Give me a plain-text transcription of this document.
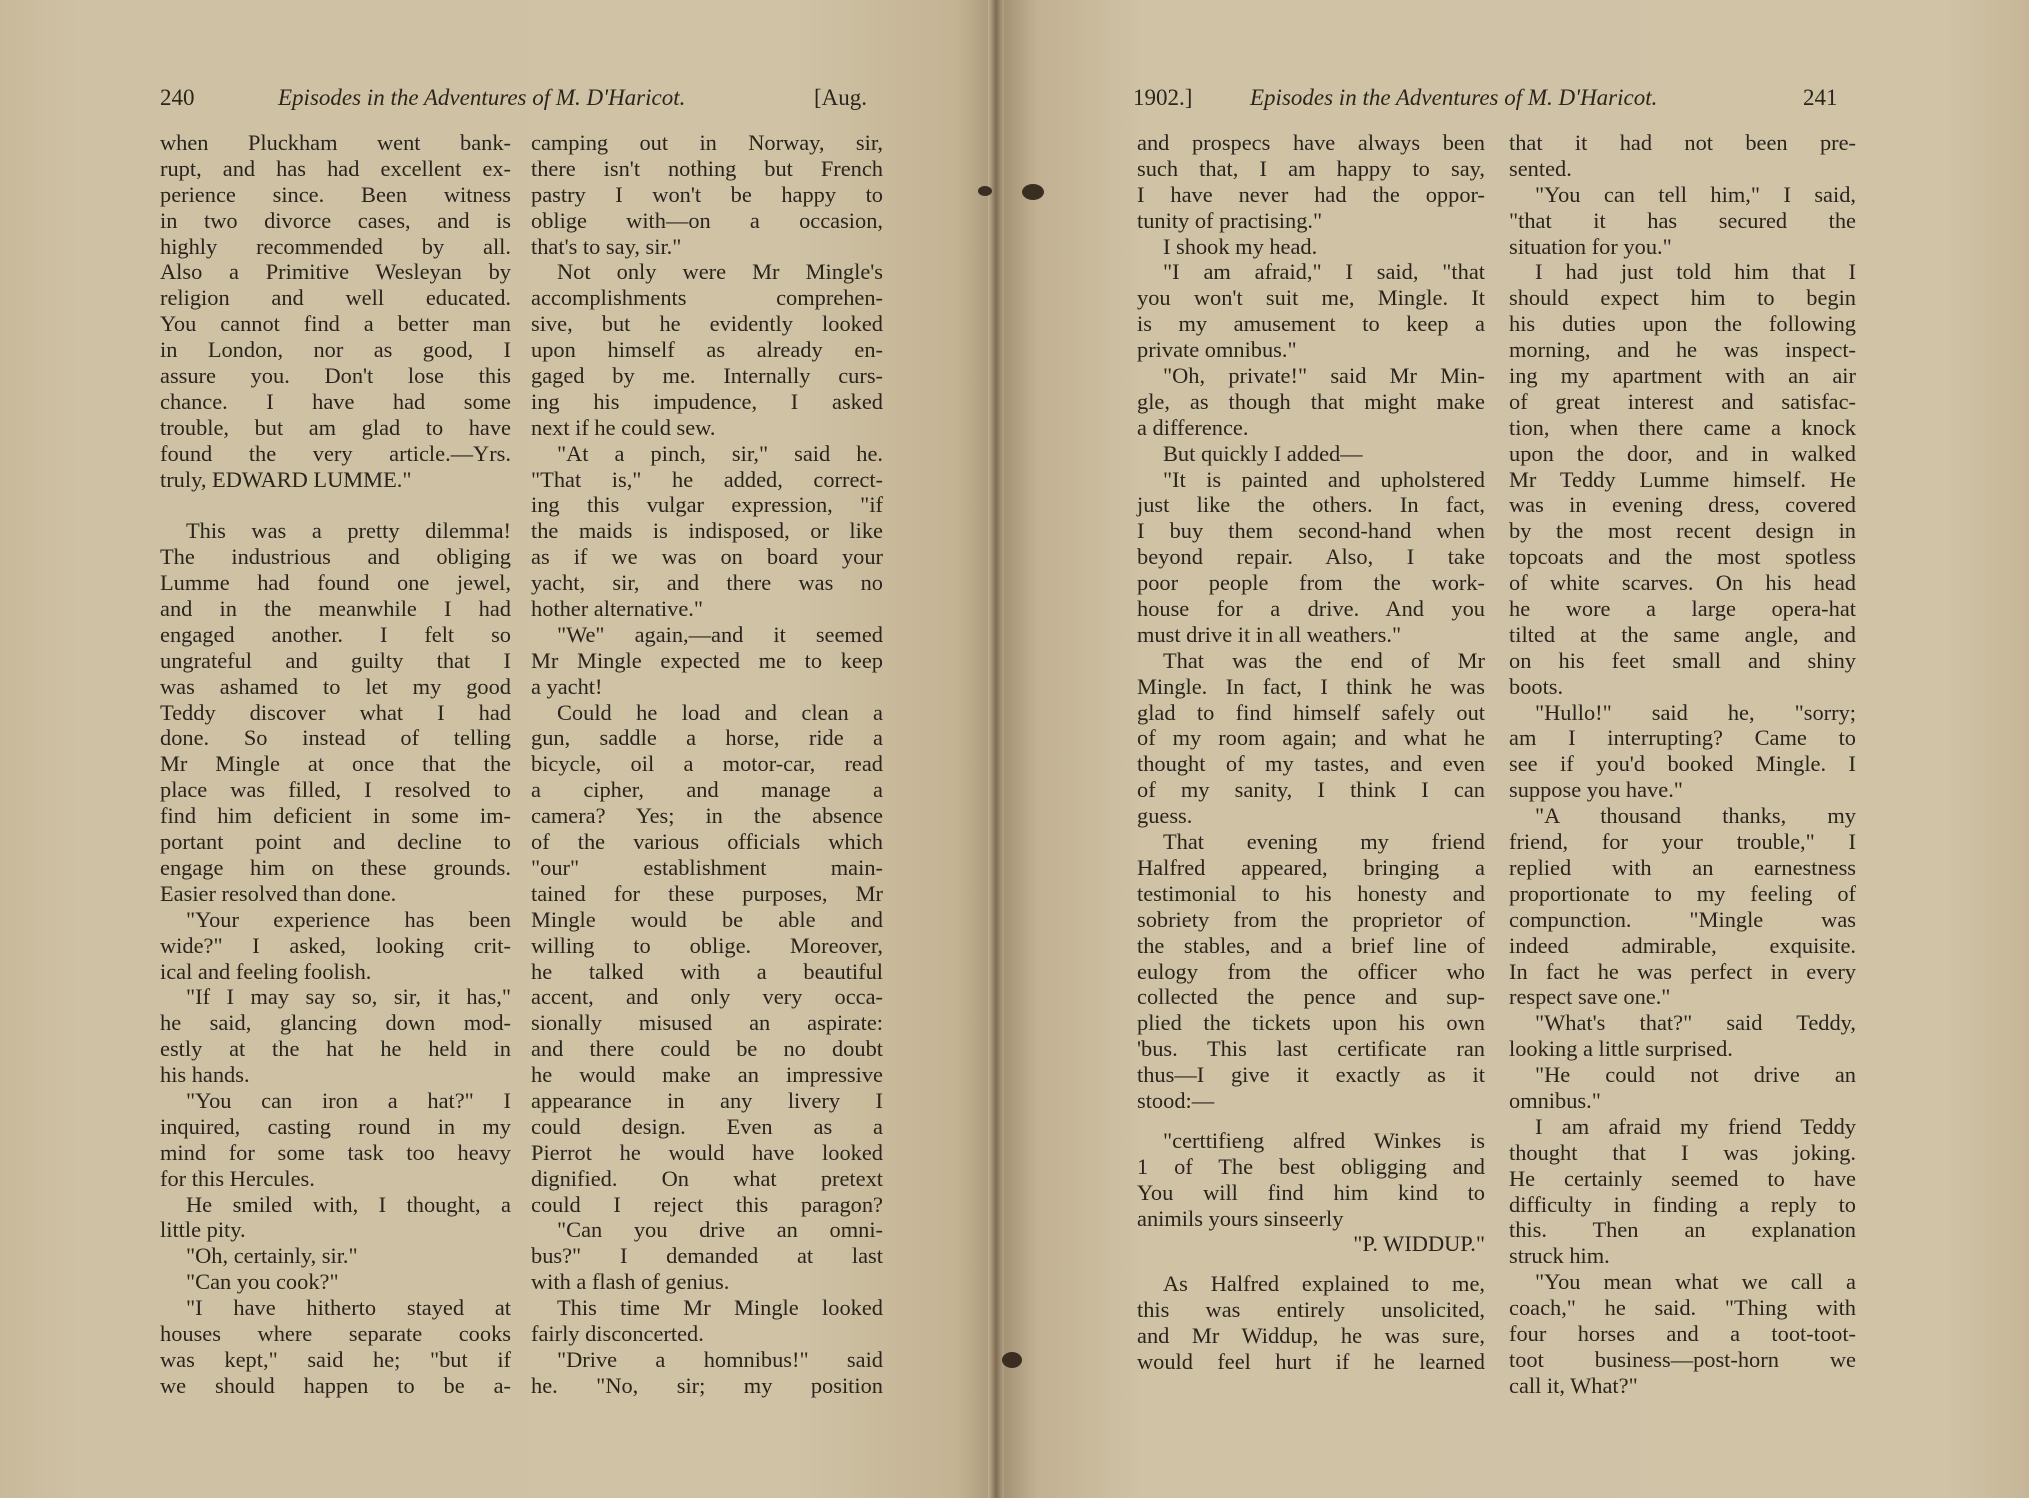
240	Episodes in the Adventures of M. D'Haricot.	[Aug.
when Pluckham went bank-
rupt, and has had excellent ex-
perience since. Been witness
in two divorce cases, and is
highly recommended by all.
Also a Primitive Wesleyan by
religion and well educated.
You cannot find a better man
in London, nor as good, I
assure you. Don't lose this
chance. I have had some
trouble, but am glad to have
found the very article.—Yrs.
truly, EDWARD LUMME."
This was a pretty dilemma!
The industrious and obliging
Lumme had found one jewel,
and in the meanwhile I had
engaged another. I felt so
ungrateful and guilty that I
was ashamed to let my good
Teddy discover what I had
done. So instead of telling
Mr Mingle at once that the
place was filled, I resolved to
find him deficient in some im-
portant point and decline to
engage him on these grounds.
Easier resolved than done.
"Your experience has been
wide?" I asked, looking crit-
ical and feeling foolish.
"If I may say so, sir, it has,"
he said, glancing down mod-
estly at the hat he held in
his hands.
"You can iron a hat?" I
inquired, casting round in my
mind for some task too heavy
for this Hercules.
He smiled with, I thought, a
little pity.
"Oh, certainly, sir."
"Can you cook?"
"I have hitherto stayed at
houses where separate cooks
was kept," said he; "but if
we should happen to be a-
camping out in Norway, sir,
there isn't nothing but French
pastry I won't be happy to
oblige with—on a occasion,
that's to say, sir."
Not only were Mr Mingle's
accomplishments comprehen-
sive, but he evidently looked
upon himself as already en-
gaged by me. Internally curs-
ing his impudence, I asked
next if he could sew.
"At a pinch, sir," said he.
"That is," he added, correct-
ing this vulgar expression, "if
the maids is indisposed, or like
as if we was on board your
yacht, sir, and there was no
hother alternative."
"We" again,—and it seemed
Mr Mingle expected me to keep
a yacht!
Could he load and clean a
gun, saddle a horse, ride a
bicycle, oil a motor-car, read
a cipher, and manage a
camera? Yes; in the absence
of the various officials which
"our" establishment main-
tained for these purposes, Mr
Mingle would be able and
willing to oblige. Moreover,
he talked with a beautiful
accent, and only very occa-
sionally misused an aspirate:
and there could be no doubt
he would make an impressive
appearance in any livery I
could design. Even as a
Pierrot he would have looked
dignified. On what pretext
could I reject this paragon?
"Can you drive an omni-
bus?" I demanded at last
with a flash of genius.
This time Mr Mingle looked
fairly disconcerted.
"Drive a homnibus!" said
he. "No, sir; my position
1902.]	Episodes in the Adventures of M. D'Haricot.	241
and prospecs have always been
such that, I am happy to say,
I have never had the oppor-
tunity of practising."
I shook my head.
"I am afraid," I said, "that
you won't suit me, Mingle. It
is my amusement to keep a
private omnibus."
"Oh, private!" said Mr Min-
gle, as though that might make
a difference.
But quickly I added—
"It is painted and upholstered
just like the others. In fact,
I buy them second-hand when
beyond repair. Also, I take
poor people from the work-
house for a drive. And you
must drive it in all weathers."
That was the end of Mr
Mingle. In fact, I think he was
glad to find himself safely out
of my room again; and what he
thought of my tastes, and even
of my sanity, I think I can
guess.
That evening my friend
Halfred appeared, bringing a
testimonial to his honesty and
sobriety from the proprietor of
the stables, and a brief line of
eulogy from the officer who
collected the pence and sup-
plied the tickets upon his own
'bus. This last certificate ran
thus—I give it exactly as it
stood:—
"certtifieng alfred Winkes is
1 of The best obligging and
You will find him kind to
animils yours sinseerly
"P. WIDDUP."
As Halfred explained to me,
this was entirely unsolicited,
and Mr Widdup, he was sure,
would feel hurt if he learned
that it had not been pre-
sented.
"You can tell him," I said,
"that it has secured the
situation for you."
I had just told him that I
should expect him to begin
his duties upon the following
morning, and he was inspect-
ing my apartment with an air
of great interest and satisfac-
tion, when there came a knock
upon the door, and in walked
Mr Teddy Lumme himself. He
was in evening dress, covered
by the most recent design in
topcoats and the most spotless
of white scarves. On his head
he wore a large opera-hat
tilted at the same angle, and
on his feet small and shiny
boots.
"Hullo!" said he, "sorry;
am I interrupting? Came to
see if you'd booked Mingle. I
suppose you have."
"A thousand thanks, my
friend, for your trouble," I
replied with an earnestness
proportionate to my feeling of
compunction. "Mingle was
indeed admirable, exquisite.
In fact he was perfect in every
respect save one."
"What's that?" said Teddy,
looking a little surprised.
"He could not drive an
omnibus."
I am afraid my friend Teddy
thought that I was joking.
He certainly seemed to have
difficulty in finding a reply to
this. Then an explanation
struck him.
"You mean what we call a
coach," he said. "Thing with
four horses and a toot-toot-
toot business—post-horn we
call it, What?"
